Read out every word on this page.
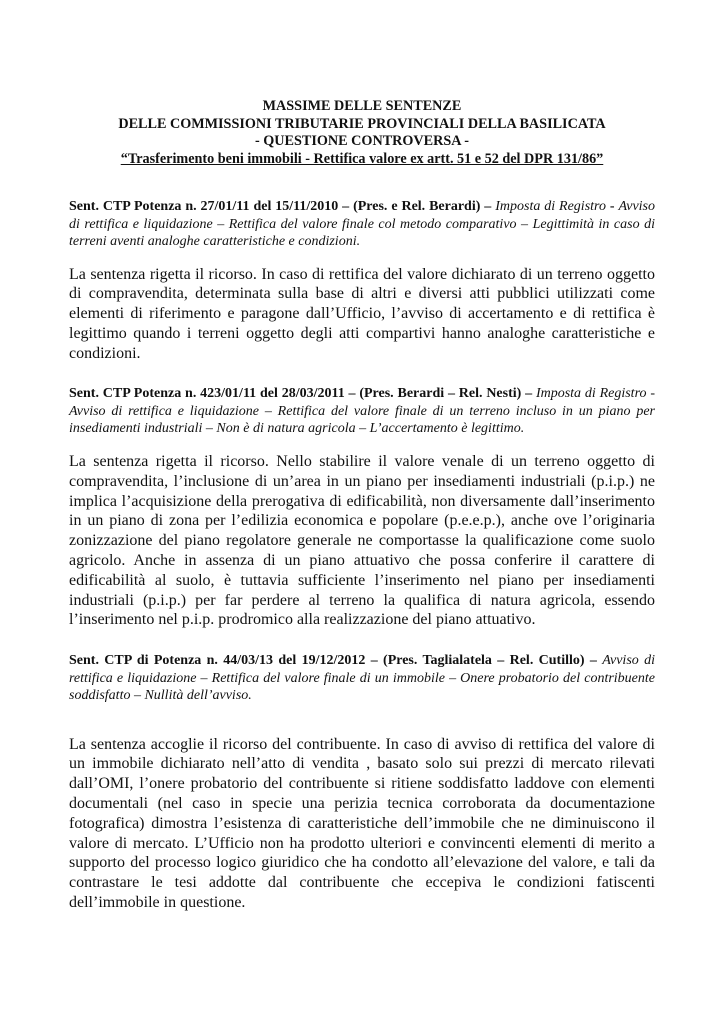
MASSIME DELLE SENTENZE
DELLE COMMISSIONI TRIBUTARIE PROVINCIALI DELLA BASILICATA
- QUESTIONE CONTROVERSA -
“Trasferimento beni immobili - Rettifica valore ex artt. 51 e 52 del DPR 131/86”
Sent. CTP Potenza n. 27/01/11 del 15/11/2010 – (Pres. e Rel. Berardi) – Imposta di Registro - Avviso di rettifica e liquidazione – Rettifica del valore finale col metodo comparativo – Legittimità in caso di terreni aventi analoghe caratteristiche e condizioni.
La sentenza rigetta il ricorso. In caso di rettifica del valore dichiarato di un terreno oggetto di compravendita, determinata sulla base di altri e diversi atti pubblici utilizzati come elementi di riferimento e paragone dall’Ufficio, l’avviso di accertamento e di rettifica è legittimo quando i terreni oggetto degli atti compartivi hanno analoghe caratteristiche e condizioni.
Sent. CTP Potenza n. 423/01/11 del 28/03/2011 – (Pres. Berardi – Rel. Nesti) – Imposta di Registro - Avviso di rettifica e liquidazione – Rettifica del valore finale di un terreno incluso in un piano per insediamenti industriali – Non è di natura agricola – L’accertamento è legittimo.
La sentenza rigetta il ricorso. Nello stabilire il valore venale di un terreno oggetto di compravendita, l’inclusione di un’area in un piano per insediamenti industriali (p.i.p.) ne implica l’acquisizione della prerogativa di edificabilità, non diversamente dall’inserimento in un piano di zona per l’edilizia economica e popolare (p.e.e.p.), anche ove l’originaria zonizzazione del piano regolatore generale ne comportasse la qualificazione come suolo agricolo. Anche in assenza di un piano attuativo che possa conferire il carattere di edificabilità al suolo, è tuttavia sufficiente l’inserimento nel piano per insediamenti industriali (p.i.p.) per far perdere al terreno la qualifica di natura agricola, essendo l’inserimento nel p.i.p. prodromico alla realizzazione del piano attuativo.
Sent. CTP di Potenza n. 44/03/13 del 19/12/2012 – (Pres. Taglialatela – Rel. Cutillo) – Avviso di rettifica e liquidazione – Rettifica del valore finale di un immobile – Onere probatorio del contribuente soddisfatto – Nullità dell’avviso.
La sentenza accoglie il ricorso del contribuente. In caso di avviso di rettifica del valore di un immobile dichiarato nell’atto di vendita , basato solo sui prezzi di mercato rilevati dall’OMI, l’onere probatorio del contribuente si ritiene soddisfatto laddove con elementi documentali (nel caso in specie una perizia tecnica corroborata da documentazione fotografica) dimostra l’esistenza di caratteristiche dell’immobile che ne diminuiscono il valore di mercato. L’Ufficio non ha prodotto ulteriori e convincenti elementi di merito a supporto del processo logico giuridico che ha condotto all’elevazione del valore, e tali da contrastare le tesi addotte dal contribuente che eccepiva le condizioni fatiscenti dell’immobile in questione.
